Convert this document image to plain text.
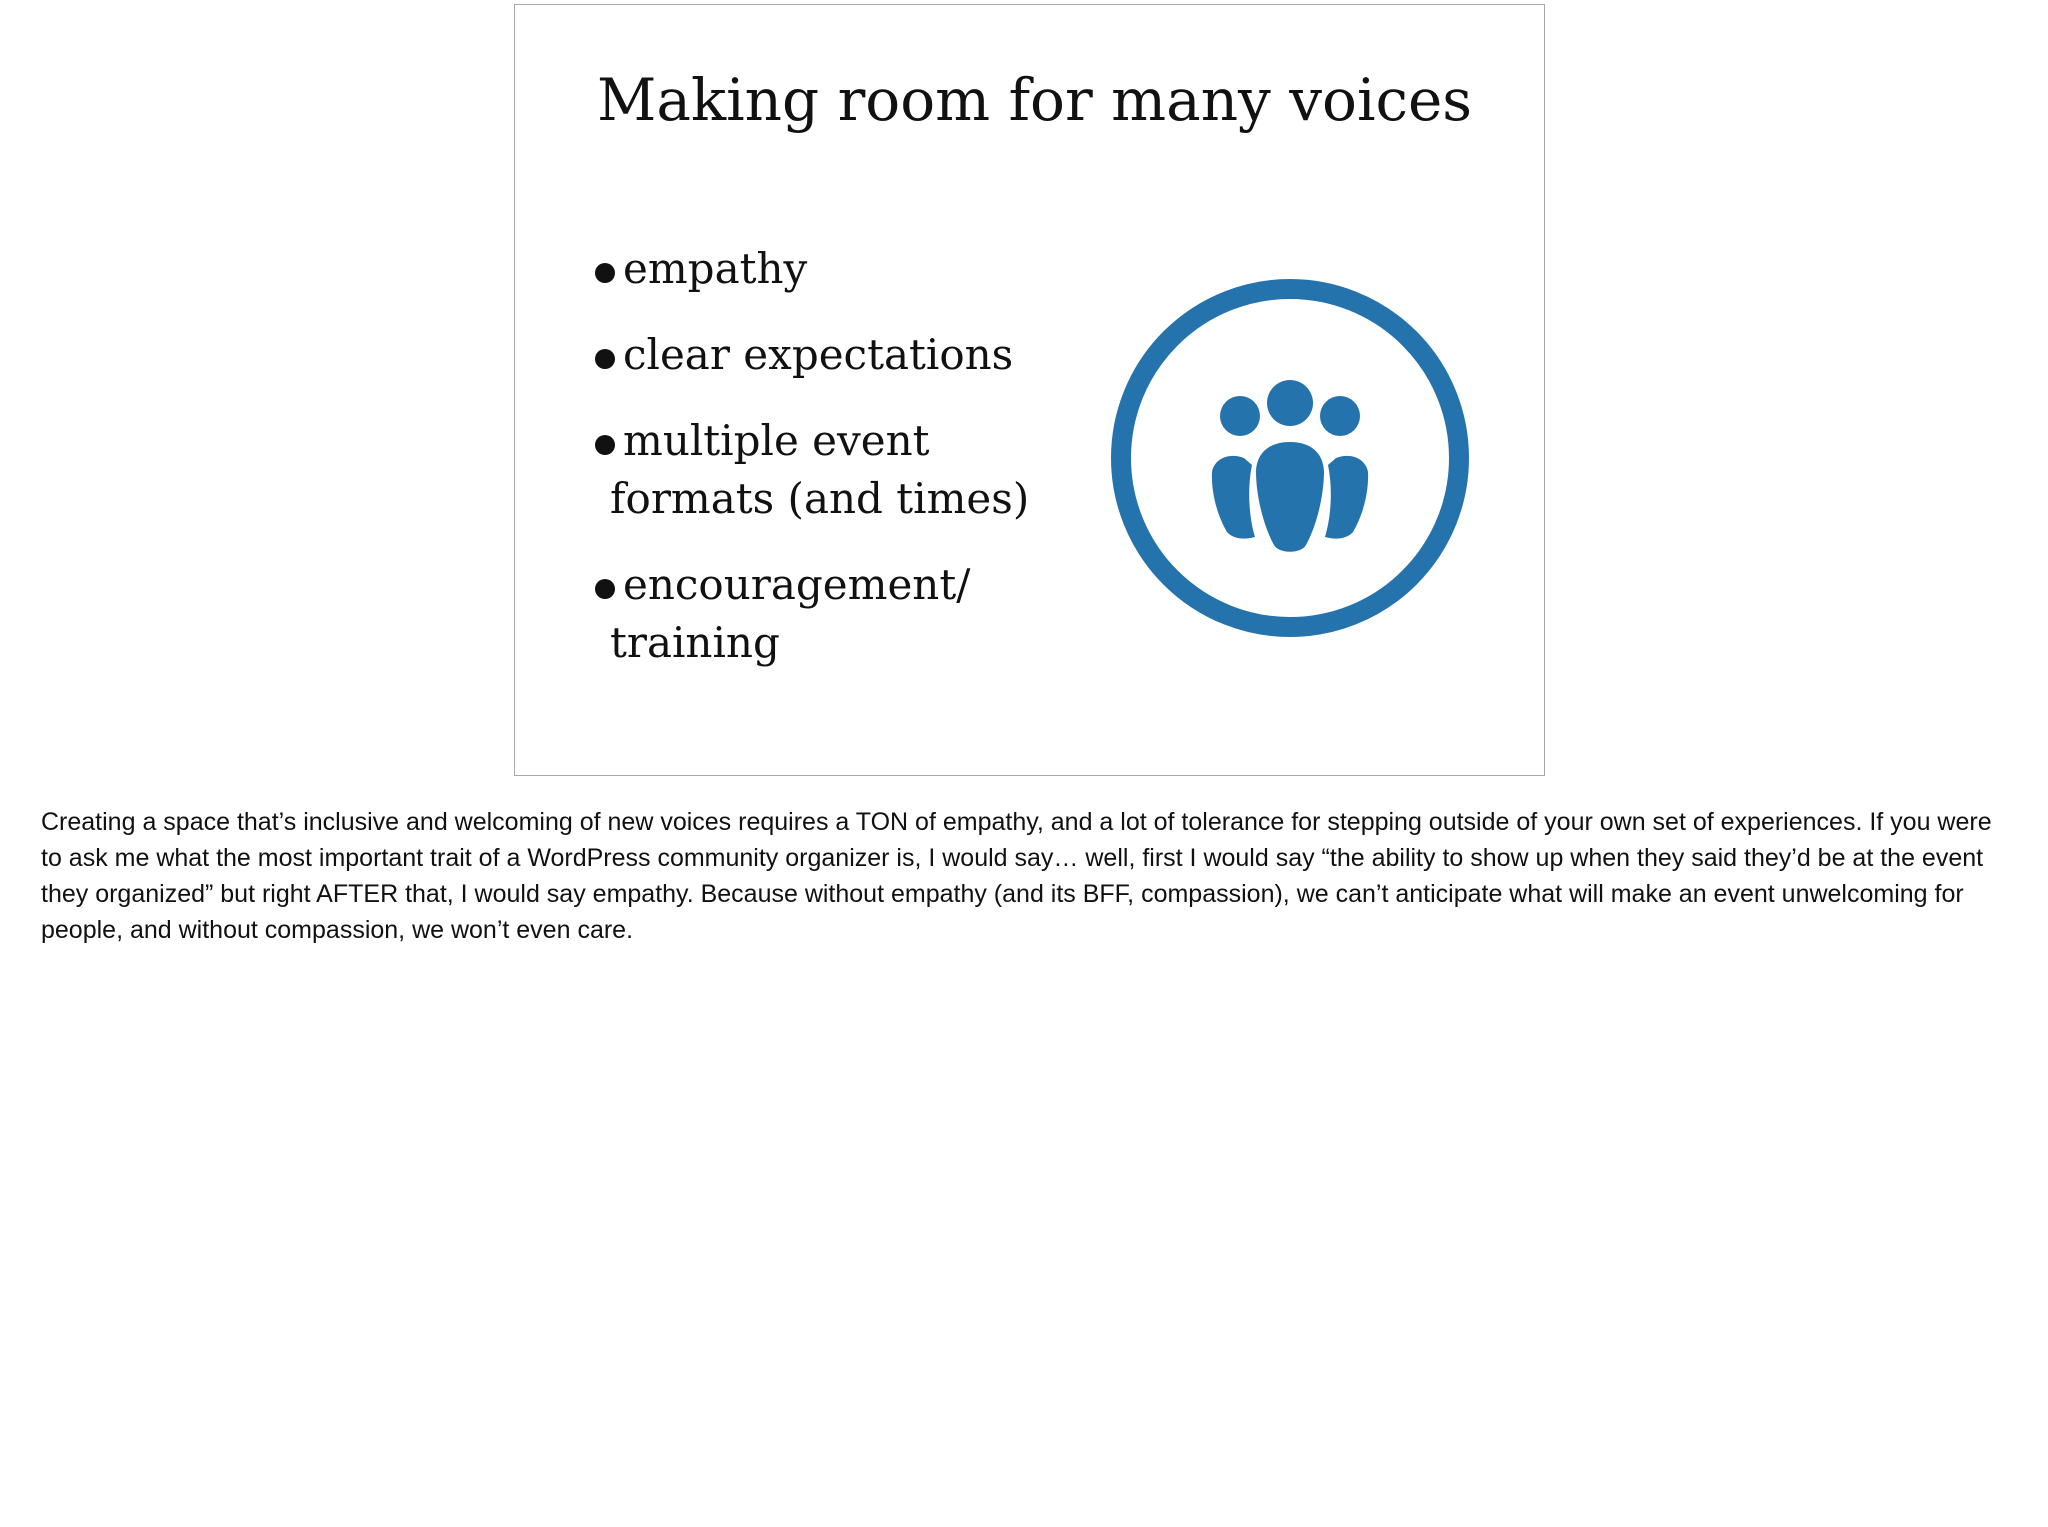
Making room for many voices
empathy
clear expectations
multiple event
formats (and times)
encouragement/
training

Creating a space that’s inclusive and welcoming of new voices requires a TON of empathy, and a lot of tolerance for stepping outside of your own set of experiences. If you were to ask me what the most important trait of a WordPress community organizer is, I would say… well, first I would say “the ability to show up when they said they’d be at the event they organized” but right AFTER that, I would say empathy. Because without empathy (and its BFF, compassion), we can’t anticipate what will make an event unwelcoming for people, and without compassion, we won’t even care.
